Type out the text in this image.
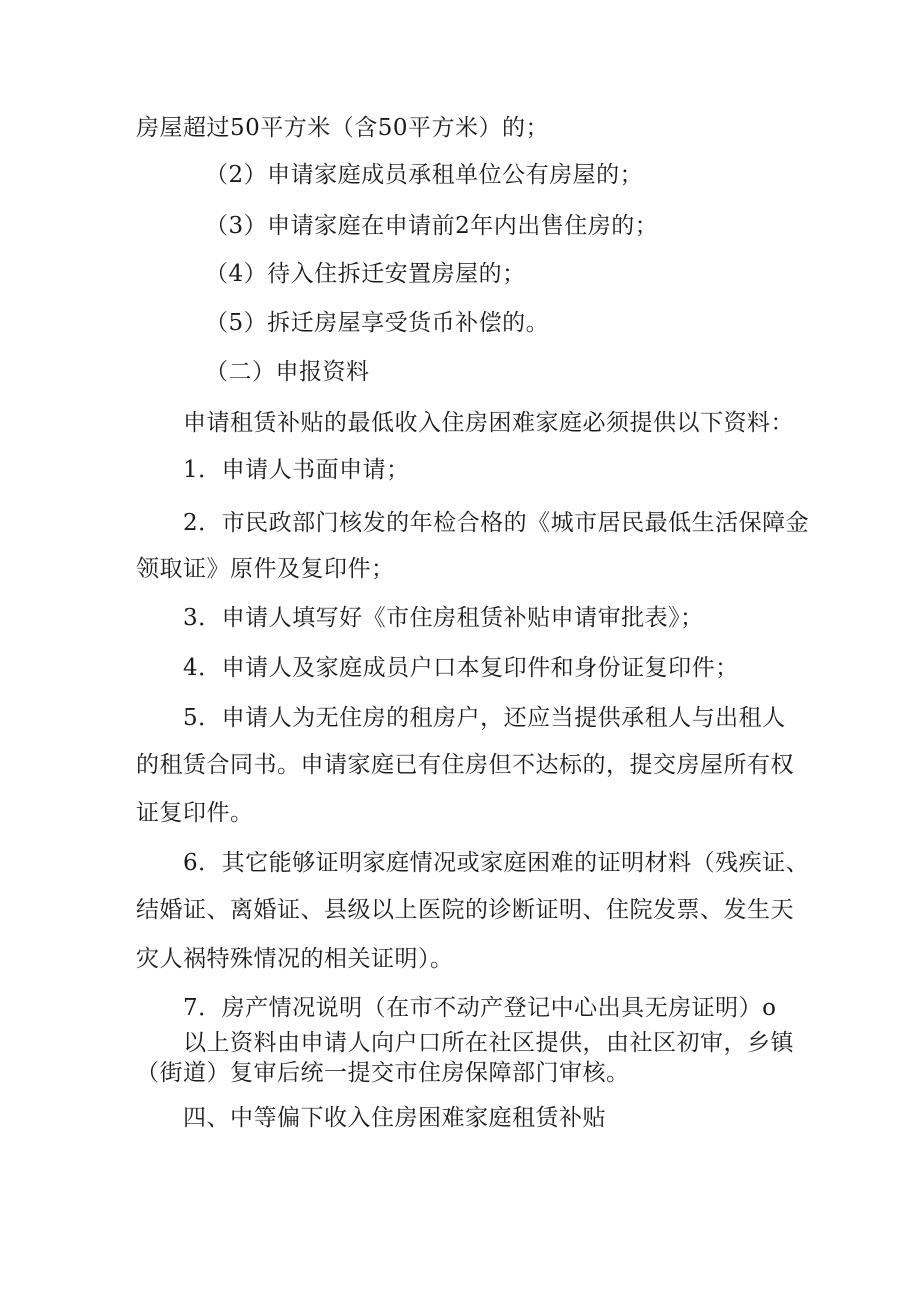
房屋超过50平方米（含50平方米）的；

（2）申请家庭成员承租单位公有房屋的；

（3）申请家庭在申请前2年内出售住房的；

（4）待入住拆迁安置房屋的；

（5）拆迁房屋享受货币补偿的。

（二）申报资料

申请租赁补贴的最低收入住房困难家庭必须提供以下资料：

1．申请人书面申请；

2．市民政部门核发的年检合格的《城市居民最低生活保障金

领取证》原件及复印件；

3．申请人填写好《市住房租赁补贴申请审批表》；

4．申请人及家庭成员户口本复印件和身份证复印件；

5．申请人为无住房的租房户，还应当提供承租人与出租人

的租赁合同书。申请家庭已有住房但不达标的，提交房屋所有权

证复印件。

6．其它能够证明家庭情况或家庭困难的证明材料（残疾证、

结婚证、离婚证、县级以上医院的诊断证明、住院发票、发生天

灾人祸特殊情况的相关证明）。

7．房产情况说明（在市不动产登记中心出具无房证明）o

以上资料由申请人向户口所在社区提供，由社区初审，乡镇

（街道）复审后统一提交市住房保障部门审核。

四、中等偏下收入住房困难家庭租赁补贴
